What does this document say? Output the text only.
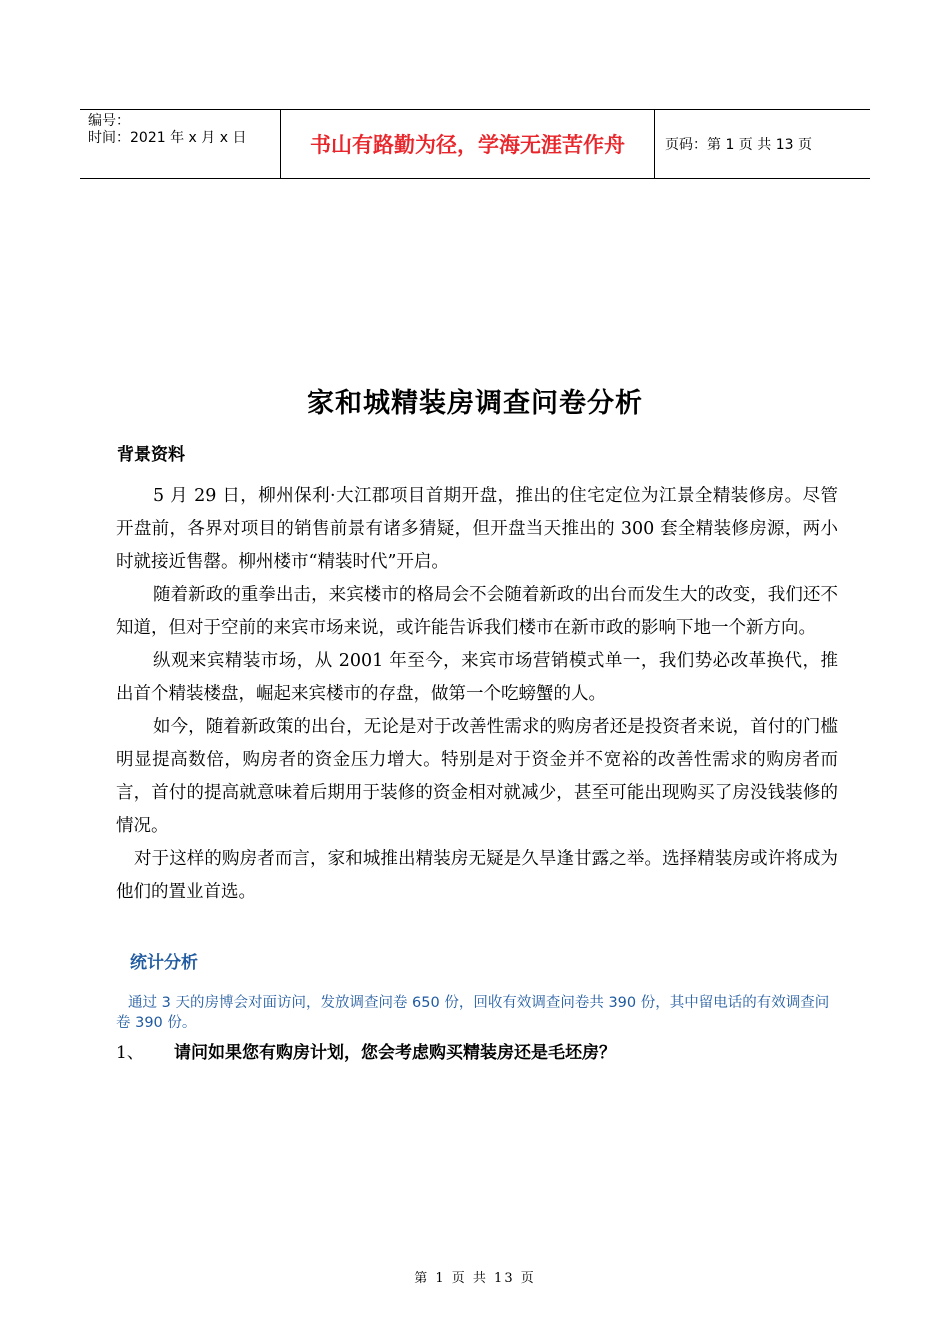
编号：
时间：2021 年 x 月 x 日	书山有路勤为径，学海无涯苦作舟	页码：第 1 页 共 13 页
家和城精装房调查问卷分析
背景资料

5 月 29 日，柳州保利·大江郡项目首期开盘，推出的住宅定位为江景全精装修房。尽管开盘前，各界对项目的销售前景有诸多猜疑，但开盘当天推出的 300 套全精装修房源，两小时就接近售罄。柳州楼市“精装时代”开启。

随着新政的重拳出击，来宾楼市的格局会不会随着新政的出台而发生大的改变，我们还不知道，但对于空前的来宾市场来说，或许能告诉我们楼市在新市政的影响下地一个新方向。

纵观来宾精装市场，从 2001 年至今，来宾市场营销模式单一，我们势必改革换代，推出首个精装楼盘，崛起来宾楼市的存盘，做第一个吃螃蟹的人。

如今，随着新政策的出台，无论是对于改善性需求的购房者还是投资者来说，首付的门槛明显提高数倍，购房者的资金压力增大。特别是对于资金并不宽裕的改善性需求的购房者而言，首付的提高就意味着后期用于装修的资金相对就减少，甚至可能出现购买了房没钱装修的情况。

对于这样的购房者而言，家和城推出精装房无疑是久旱逢甘露之举。选择精装房或许将成为他们的置业首选。

统计分析
通过 3 天的房博会对面访问，发放调查问卷 650 份，回收有效调查问卷共 390 份，其中留电话的有效调查问卷 390 份。
1、	请问如果您有购房计划，您会考虑购买精装房还是毛坯房？
第 1 页 共 13 页
